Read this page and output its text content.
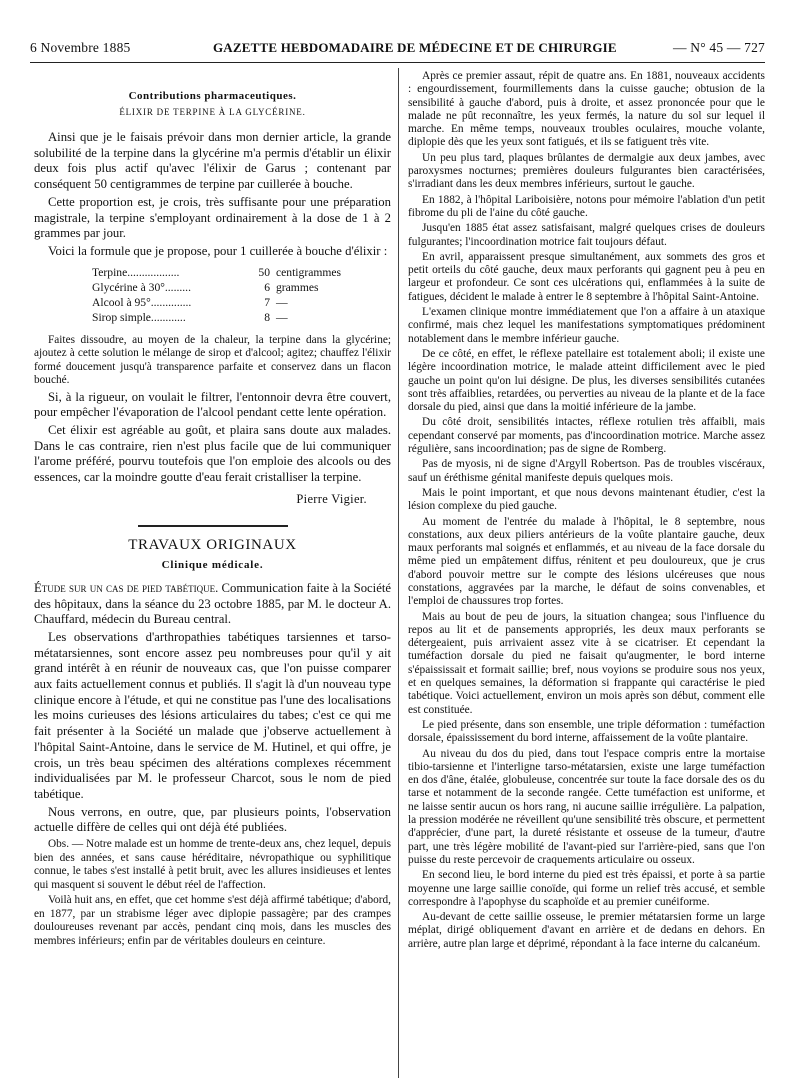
6 Novembre 1885	GAZETTE HEBDOMADAIRE DE MÉDECINE ET DE CHIRURGIE	— N° 45 — 727
Contributions pharmaceutiques.
ÉLIXIR DE TERPINE À LA GLYCÉRINE.

Ainsi que je le faisais prévoir dans mon dernier article, la grande solubilité de la terpine dans la glycérine m'a permis d'établir un élixir deux fois plus actif qu'avec l'élixir de Garus ; contenant par conséquent 50 centigrammes de terpine par cuillerée à bouche.

Cette proportion est, je crois, très suffisante pour une préparation magistrale, la terpine s'employant ordinairement à la dose de 1 à 2 grammes par jour.

Voici la formule que je propose, pour 1 cuillerée à bouche d'élixir :

Terpine..................	50	centigrammes
Glycérine à 30°.........	6	grammes
Alcool à 95°..............	7	—
Sirop simple............	8	—

Faites dissoudre, au moyen de la chaleur, la terpine dans la glycérine; ajoutez à cette solution le mélange de sirop et d'alcool; agitez; chauffez l'élixir formé doucement jusqu'à transparence parfaite et conservez dans un flacon bouché.

Si, à la rigueur, on voulait le filtrer, l'entonnoir devra être couvert, pour empêcher l'évaporation de l'alcool pendant cette lente opération.

Cet élixir est agréable au goût, et plaira sans doute aux malades. Dans le cas contraire, rien n'est plus facile que de lui communiquer l'arome préféré, pourvu toutefois que l'on emploie des alcools ou des essences, car la moindre goutte d'eau ferait cristalliser la terpine.

Pierre Vigier.
TRAVAUX ORIGINAUX
Clinique médicale.

Étude sur un cas de pied tabétique. Communication faite à la Société des hôpitaux, dans la séance du 23 octobre 1885, par M. le docteur A. Chauffard, médecin du Bureau central.

Les observations d'arthropathies tabétiques tarsiennes et tarso-métatarsiennes, sont encore assez peu nombreuses pour qu'il y ait grand intérêt à en réunir de nouveaux cas, que l'on puisse comparer aux faits actuellement connus et publiés. Il s'agit là d'un nouveau type clinique encore à l'étude, et qui ne constitue pas l'une des localisations les moins curieuses des lésions articulaires du tabes; c'est ce qui me fait présenter à la Société un malade que j'observe actuellement à l'hôpital Saint-Antoine, dans le service de M. Hutinel, et qui offre, je crois, un très beau spécimen des altérations complexes récemment individualisées par M. le professeur Charcot, sous le nom de pied tabétique.

Nous verrons, en outre, que, par plusieurs points, l'observation actuelle diffère de celles qui ont déjà été publiées.

Obs. — Notre malade est un homme de trente-deux ans, chez lequel, depuis bien des années, et sans cause héréditaire, névropathique ou syphilitique connue, le tabes s'est installé à petit bruit, avec les allures insidieuses et lentes qui masquent si souvent le début réel de l'affection.

Voilà huit ans, en effet, que cet homme s'est déjà affirmé tabétique; d'abord, en 1877, par un strabisme léger avec diplopie passagère; par des crampes douloureuses revenant par accès, pendant cinq mois, dans les muscles des membres inférieurs; enfin par de véritables douleurs en ceinture.

Après ce premier assaut, répit de quatre ans. En 1881, nouveaux accidents : engourdissement, fourmillements dans la cuisse gauche; obtusion de la sensibilité à gauche d'abord, puis à droite, et assez prononcée pour que le malade ne pût reconnaître, les yeux fermés, la nature du sol sur lequel il marche. En même temps, nouveaux troubles oculaires, mouche volante, diplopie dès que les yeux sont fatigués, et ils se fatiguent très vite.

Un peu plus tard, plaques brûlantes de dermalgie aux deux jambes, avec paroxysmes nocturnes; premières douleurs fulgurantes bien caractérisées, s'irradiant dans les deux membres inférieurs, surtout le gauche.

En 1882, à l'hôpital Lariboisière, notons pour mémoire l'ablation d'un petit fibrome du pli de l'aine du côté gauche.

Jusqu'en 1885 état assez satisfaisant, malgré quelques crises de douleurs fulgurantes; l'incoordination motrice fait toujours défaut.

En avril, apparaissent presque simultanément, aux sommets des gros et petit orteils du côté gauche, deux maux perforants qui gagnent peu à peu en largeur et profondeur. Ce sont ces ulcérations qui, enflammées à la suite de fatigues, décident le malade à entrer le 8 septembre à l'hôpital Saint-Antoine.

L'examen clinique montre immédiatement que l'on a affaire à un ataxique confirmé, mais chez lequel les manifestations symptomatiques prédominent notablement dans le membre inférieur gauche.

De ce côté, en effet, le réflexe patellaire est totalement aboli; il existe une légère incoordination motrice, le malade atteint difficilement avec le pied gauche un point qu'on lui désigne. De plus, les diverses sensibilités cutanées sont très affaiblies, retardées, ou perverties au niveau de la plante et de la face dorsale du pied, ainsi que dans la moitié inférieure de la jambe.

Du côté droit, sensibilités intactes, réflexe rotulien très affaibli, mais cependant conservé par moments, pas d'incoordination motrice. Marche assez régulière, sans incoordination; pas de signe de Romberg.

Pas de myosis, ni de signe d'Argyll Robertson. Pas de troubles viscéraux, sauf un éréthisme génital manifeste depuis quelques mois.

Mais le point important, et que nous devons maintenant étudier, c'est la lésion complexe du pied gauche.

Au moment de l'entrée du malade à l'hôpital, le 8 septembre, nous constations, aux deux piliers antérieurs de la voûte plantaire gauche, deux maux perforants mal soignés et enflammés, et au niveau de la face dorsale du même pied un empâtement diffus, rénitent et peu douloureux, que je crus d'abord pouvoir mettre sur le compte des lésions ulcéreuses que nous constations, aggravées par la marche, le défaut de soins convenables, et l'emploi de chaussures trop fortes.

Mais au bout de peu de jours, la situation changea; sous l'influence du repos au lit et de pansements appropriés, les deux maux perforants se détergeaient, puis arrivaient assez vite à se cicatriser. Et cependant la tuméfaction dorsale du pied ne faisait qu'augmenter, le bord interne s'épaississait et formait saillie; bref, nous voyions se produire sous nos yeux, et en quelques semaines, la déformation si frappante qui caractérise le pied tabétique. Voici actuellement, environ un mois après son début, comment elle est constituée.

Le pied présente, dans son ensemble, une triple déformation : tuméfaction dorsale, épaississement du bord interne, affaissement de la voûte plantaire.

Au niveau du dos du pied, dans tout l'espace compris entre la mortaise tibio-tarsienne et l'interligne tarso-métatarsien, existe une large tuméfaction en dos d'âne, étalée, globuleuse, concentrée sur toute la face dorsale des os du tarse et notamment de la seconde rangée. Cette tuméfaction est uniforme, et ne laisse sentir aucun os hors rang, ni aucune saillie irrégulière. La palpation, la pression modérée ne réveillent qu'une sensibilité très obscure, et permettent d'apprécier, d'une part, la dureté résistante et osseuse de la tumeur, d'autre part, une très légère mobilité de l'avant-pied sur l'arrière-pied, sans que l'on puisse du reste percevoir de craquements articulaire ou osseux.

En second lieu, le bord interne du pied est très épaissi, et porte à sa partie moyenne une large saillie conoïde, qui forme un relief très accusé, et semble correspondre à l'apophyse du scaphoïde et au premier cunéiforme.

Au-devant de cette saillie osseuse, le premier métatarsien forme un large méplat, dirigé obliquement d'avant en arrière et de dedans en dehors. En arrière, autre plan large et déprimé, répondant à la face interne du calcanéum.
